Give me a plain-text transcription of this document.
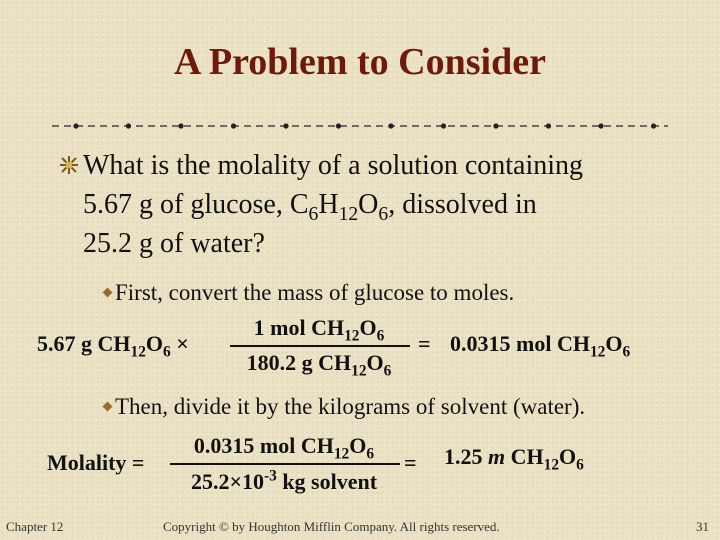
A Problem to Consider
What is the molality of a solution containing
5.67 g of glucose, $C_6H_{12}O_6$, dissolved in
25.2 g of water?
First, convert the mass of glucose to moles.
5.67 g $CH_{12}O_6$ ×
1 mol $CH_{12}O_6$
180.2 g $CH_{12}O_6$
= 0.0315 mol $CH_{12}O_6$
Then, divide it by the kilograms of solvent (water).
Molality =
0.0315 mol $CH_{12}O_6$
$25.2\times 10^{-3}$ kg solvent
= 1.25 m $CH_{12}O_6$
Chapter 12	Copyright © by Houghton Mifflin Company. All rights reserved.	31
